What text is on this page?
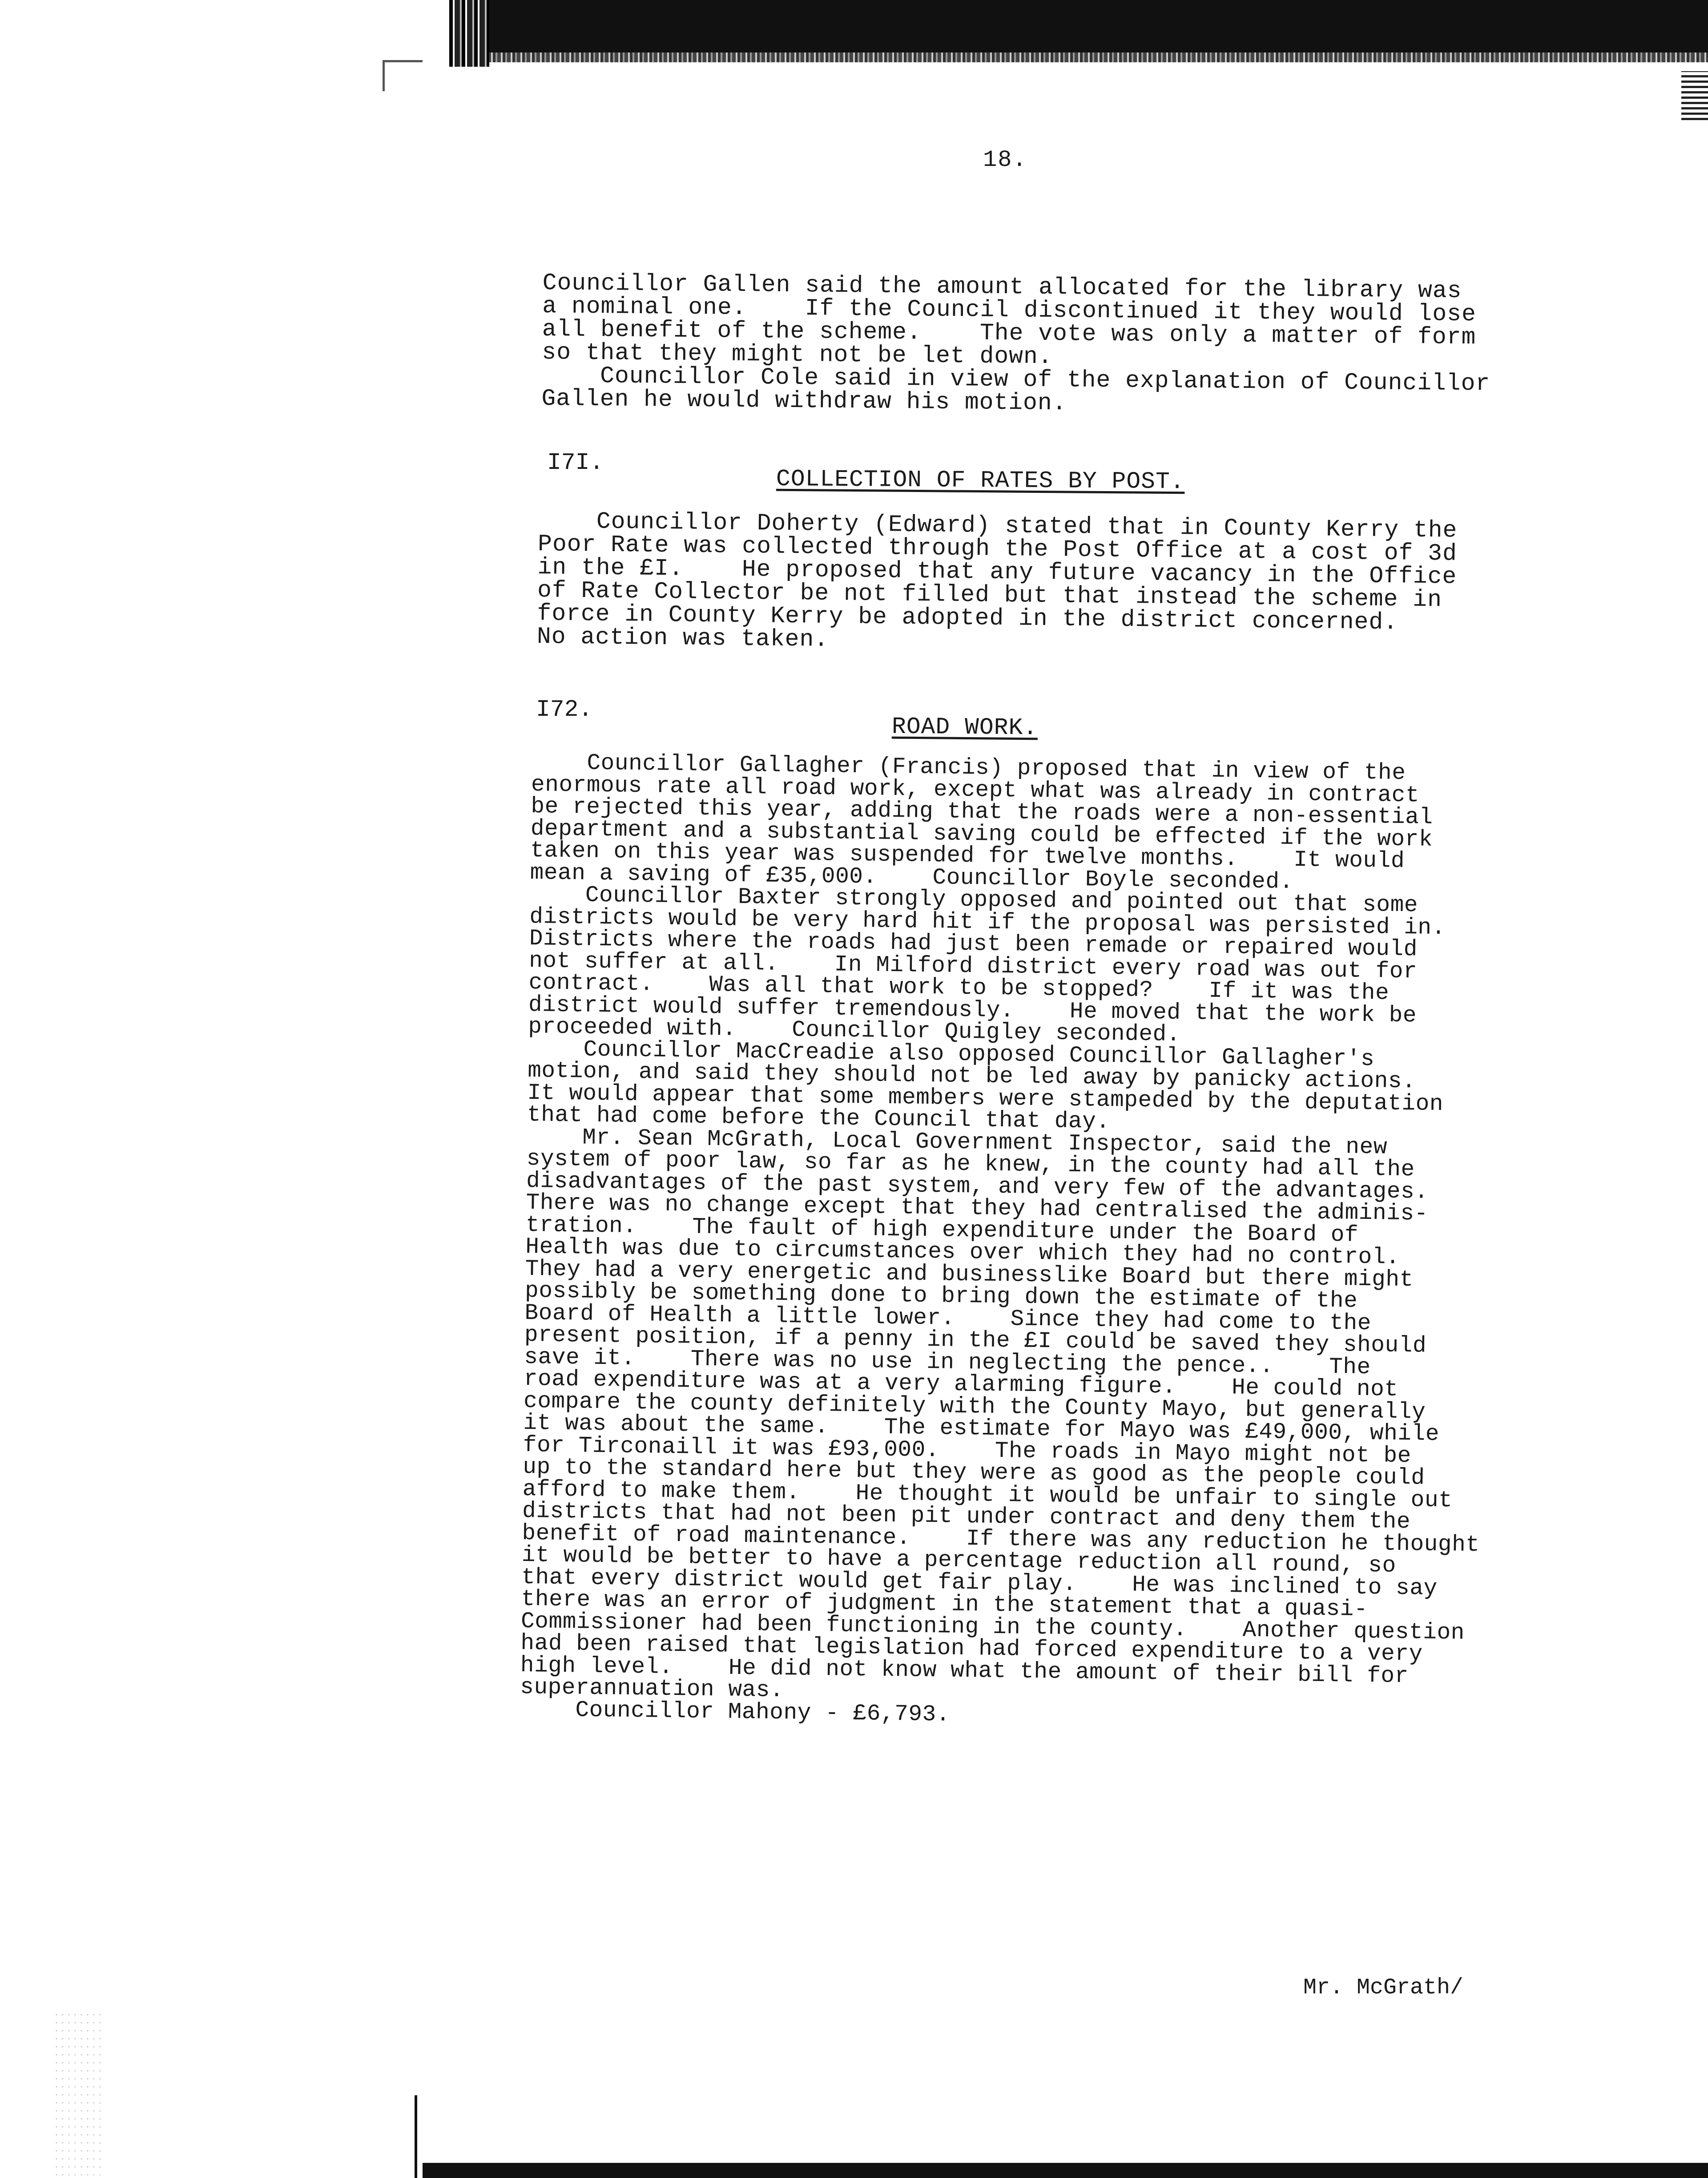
18.
Councillor Gallen said the amount allocated for the library was
a nominal one.    If the Council discontinued it they would lose
all benefit of the scheme.    The vote was only a matter of form
so that they might not be let down.
Councillor Cole said in view of the explanation of Councillor
Gallen he would withdraw his motion.
I7I.
COLLECTION OF RATES BY POST.
Councillor Doherty (Edward) stated that in County Kerry the
Poor Rate was collected through the Post Office at a cost of 3d
in the £I.    He proposed that any future vacancy in the Office
of Rate Collector be not filled but that instead the scheme in
force in County Kerry be adopted in the district concerned.
No action was taken.
I72.
ROAD WORK.
Councillor Gallagher (Francis) proposed that in view of the
enormous rate all road work, except what was already in contract
be rejected this year, adding that the roads were a non-essential
department and a substantial saving could be effected if the work
taken on this year was suspended for twelve months.    It would
mean a saving of £35,000.    Councillor Boyle seconded.
Councillor Baxter strongly opposed and pointed out that some
districts would be very hard hit if the proposal was persisted in.
Districts where the roads had just been remade or repaired would
not suffer at all.    In Milford district every road was out for
contract.    Was all that work to be stopped?    If it was the
district would suffer tremendously.    He moved that the work be
proceeded with.    Councillor Quigley seconded.
Councillor MacCreadie also opposed Councillor Gallagher's
motion, and said they should not be led away by panicky actions.
It would appear that some members were stampeded by the deputation
that had come before the Council that day.
Mr. Sean McGrath, Local Government Inspector, said the new
system of poor law, so far as he knew, in the county had all the
disadvantages of the past system, and very few of the advantages.
There was no change except that they had centralised the adminis-
tration.    The fault of high expenditure under the Board of
Health was due to circumstances over which they had no control.
They had a very energetic and businesslike Board but there might
possibly be something done to bring down the estimate of the
Board of Health a little lower.    Since they had come to the
present position, if a penny in the £I could be saved they should
save it.    There was no use in neglecting the pence..    The
road expenditure was at a very alarming figure.    He could not
compare the county definitely with the County Mayo, but generally
it was about the same.    The estimate for Mayo was £49,000, while
for Tirconaill it was £93,000.    The roads in Mayo might not be
up to the standard here but they were as good as the people could
afford to make them.    He thought it would be unfair to single out
districts that had not been pit under contract and deny them the
benefit of road maintenance.    If there was any reduction he thought
it would be better to have a percentage reduction all round, so
that every district would get fair play.    He was inclined to say
there was an error of judgment in the statement that a quasi-
Commissioner had been functioning in the county.    Another question
had been raised that legislation had forced expenditure to a very
high level.    He did not know what the amount of their bill for
superannuation was.
Councillor Mahony - £6,793.
Mr. McGrath/
